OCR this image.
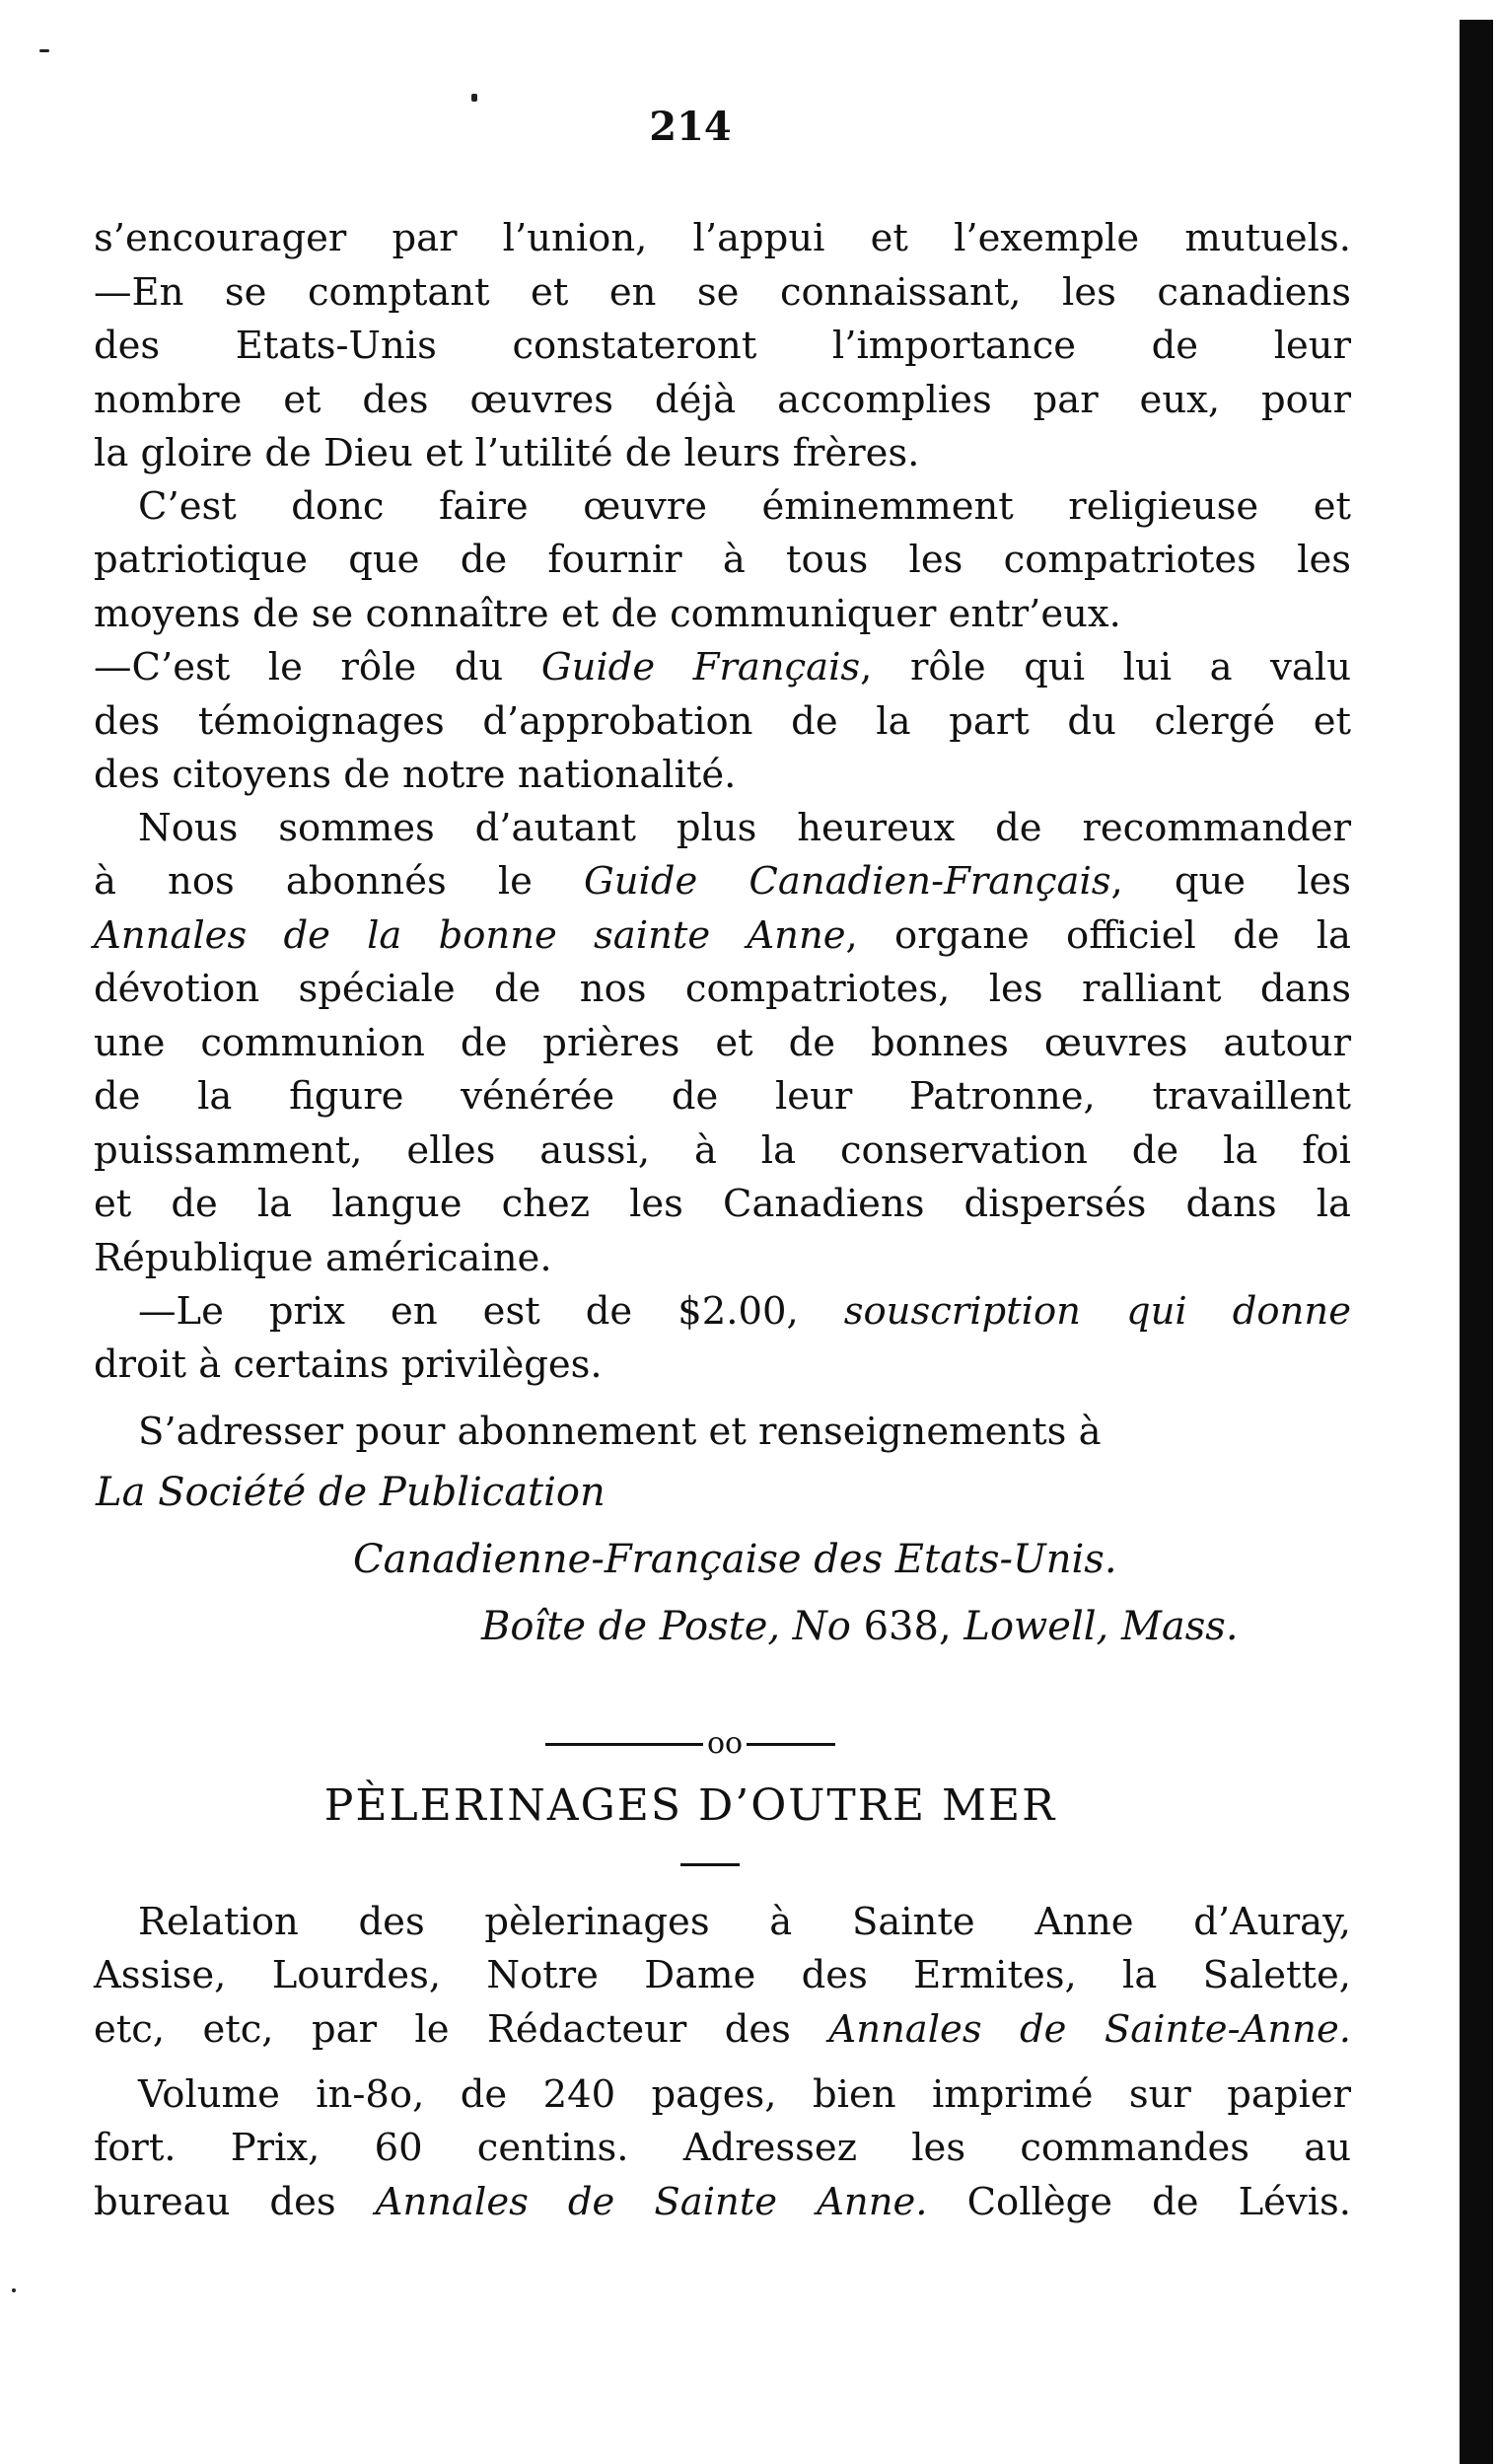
214
s’encourager par l’union, l’appui et l’exemple mutuels.
—En se comptant et en se connaissant, les canadiens
des Etats-Unis constateront l’importance de leur
nombre et des œuvres déjà accomplies par eux, pour
la gloire de Dieu et l’utilité de leurs frères.
C’est donc faire œuvre éminemment religieuse et
patriotique que de fournir à tous les compatriotes les
moyens de se connaître et de communiquer entr’eux.
—C’est le rôle du Guide Français, rôle qui lui a valu
des témoignages d’approbation de la part du clergé et
des citoyens de notre nationalité.
Nous sommes d’autant plus heureux de recommander
à nos abonnés le Guide Canadien-Français, que les
Annales de la bonne sainte Anne, organe officiel de la
dévotion spéciale de nos compatriotes, les ralliant dans
une communion de prières et de bonnes œuvres autour
de la figure vénérée de leur Patronne, travaillent
puissamment, elles aussi, à la conservation de la foi
et de la langue chez les Canadiens dispersés dans la
République américaine.
—Le prix en est de $2.00, souscription qui donne
droit à certains privilèges.
S’adresser pour abonnement et renseignements à
La Société de Publication
Canadienne-Française des Etats-Unis.
Boîte de Poste, No 638, Lowell, Mass.
oo
PÈLERINAGES D’OUTRE MER
Relation des pèlerinages à Sainte Anne d’Auray,
Assise, Lourdes, Notre Dame des Ermites, la Salette,
etc, etc, par le Rédacteur des Annales de Sainte-Anne.
Volume in-8o, de 240 pages, bien imprimé sur papier
fort. Prix, 60 centins. Adressez les commandes au
bureau des Annales de Sainte Anne. Collège de Lévis.
